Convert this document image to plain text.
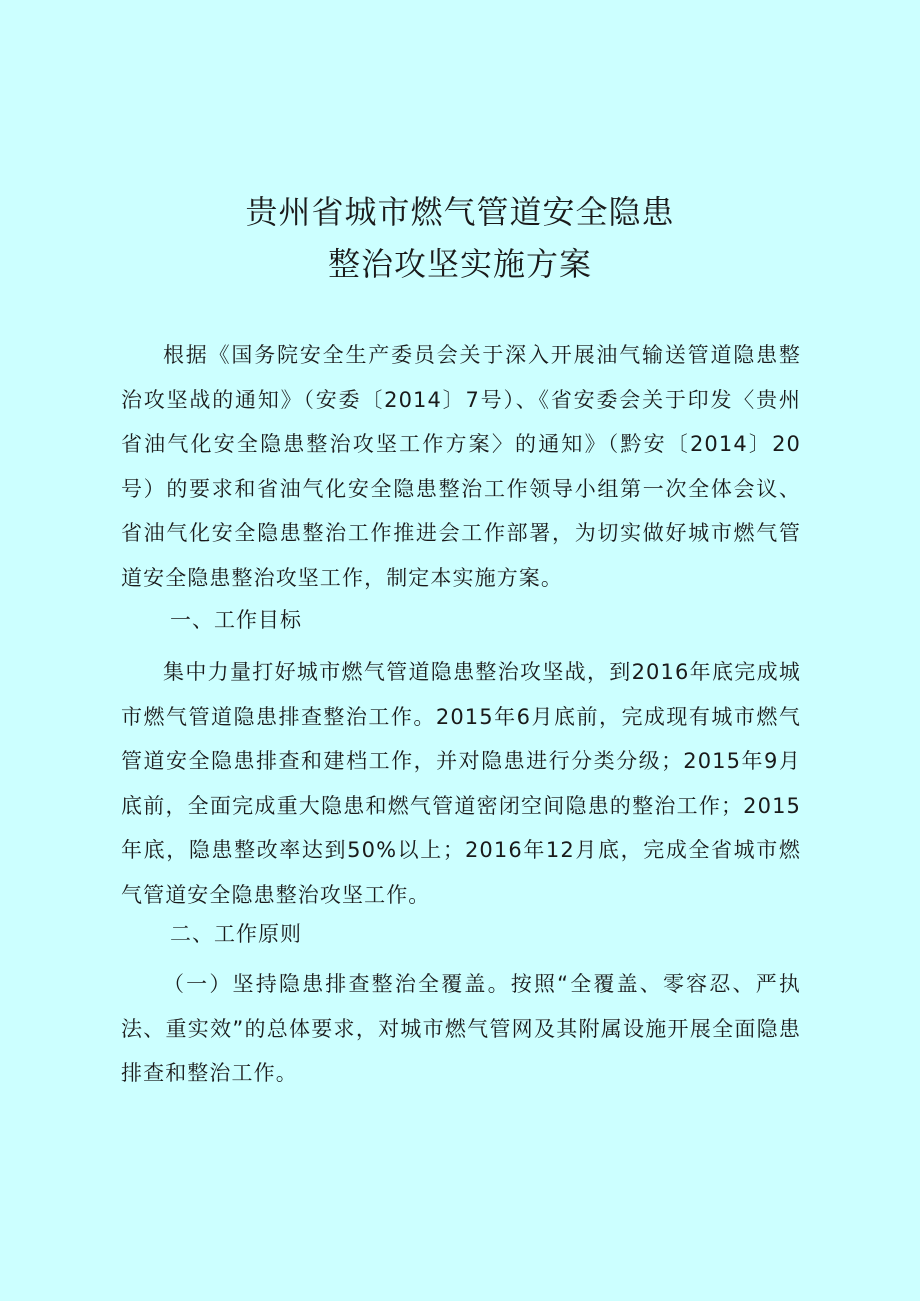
贵州省城市燃气管道安全隐患
整治攻坚实施方案

根据《国务院安全生产委员会关于深入开展油气输送管道隐患整治攻坚战的通知》（安委〔2014〕7号）、《省安委会关于印发〈贵州省油气化安全隐患整治攻坚工作方案〉的通知》（黔安〔2014〕20号）的要求和省油气化安全隐患整治工作领导小组第一次全体会议、省油气化安全隐患整治工作推进会工作部署，为切实做好城市燃气管道安全隐患整治攻坚工作，制定本实施方案。

一、工作目标

集中力量打好城市燃气管道隐患整治攻坚战，到2016年底完成城市燃气管道隐患排查整治工作。2015年6月底前，完成现有城市燃气管道安全隐患排查和建档工作，并对隐患进行分类分级；2015年9月底前，全面完成重大隐患和燃气管道密闭空间隐患的整治工作；2015年底，隐患整改率达到50%以上；2016年12月底，完成全省城市燃气管道安全隐患整治攻坚工作。

二、工作原则

（一）坚持隐患排查整治全覆盖。按照“全覆盖、零容忍、严执法、重实效”的总体要求，对城市燃气管网及其附属设施开展全面隐患排查和整治工作。
